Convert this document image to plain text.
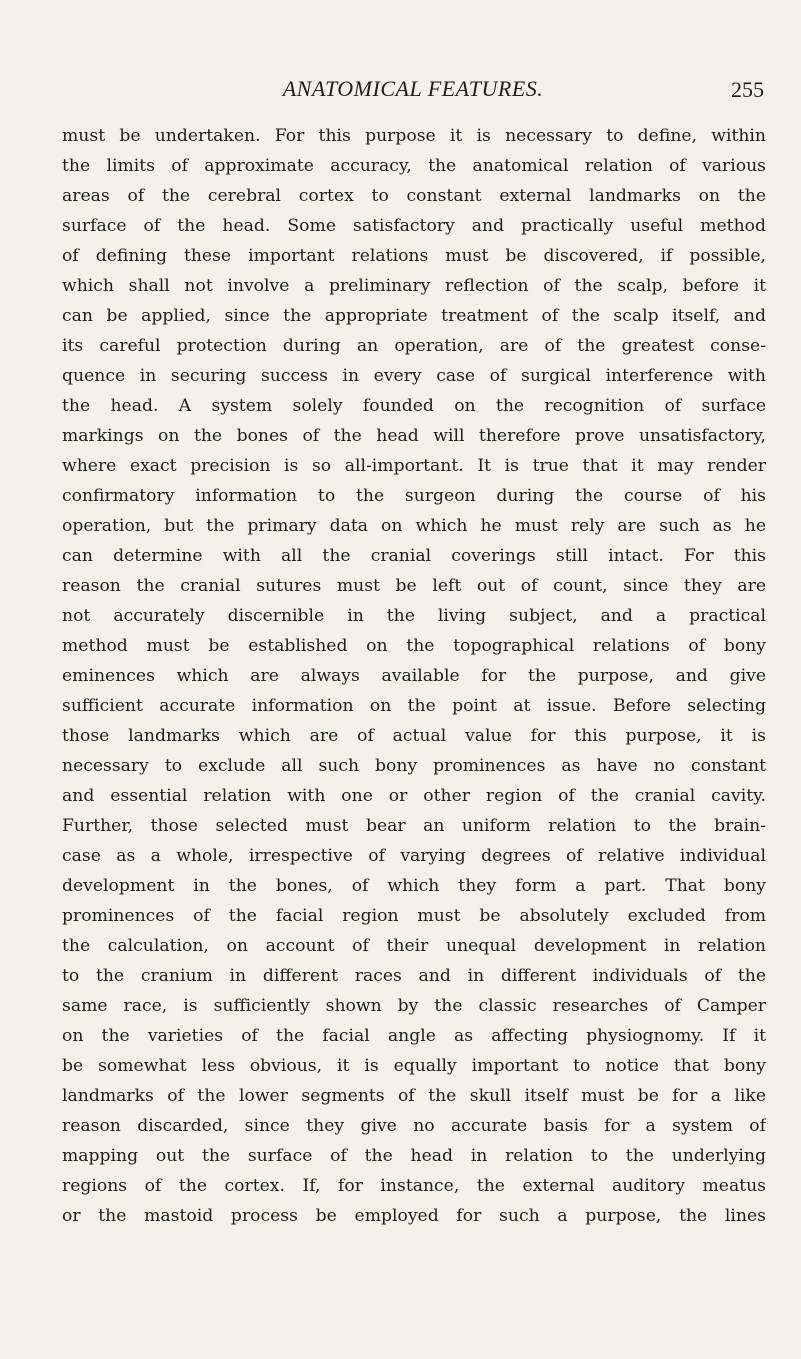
ANATOMICAL FEATURES.	255
must be undertaken. For this purpose it is necessary to define, within
the limits of approximate accuracy, the anatomical relation of various
areas of the cerebral cortex to constant external landmarks on the
surface of the head. Some satisfactory and practically useful method
of defining these important relations must be discovered, if possible,
which shall not involve a preliminary reflection of the scalp, before it
can be applied, since the appropriate treatment of the scalp itself, and
its careful protection during an operation, are of the greatest conse-
quence in securing success in every case of surgical interference with
the head. A system solely founded on the recognition of surface
markings on the bones of the head will therefore prove unsatisfactory,
where exact precision is so all-important. It is true that it may render
confirmatory information to the surgeon during the course of his
operation, but the primary data on which he must rely are such as he
can determine with all the cranial coverings still intact. For this
reason the cranial sutures must be left out of count, since they are
not accurately discernible in the living subject, and a practical
method must be established on the topographical relations of bony
eminences which are always available for the purpose, and give
sufficient accurate information on the point at issue. Before selecting
those landmarks which are of actual value for this purpose, it is
necessary to exclude all such bony prominences as have no constant
and essential relation with one or other region of the cranial cavity.
Further, those selected must bear an uniform relation to the brain-
case as a whole, irrespective of varying degrees of relative individual
development in the bones, of which they form a part. That bony
prominences of the facial region must be absolutely excluded from
the calculation, on account of their unequal development in relation
to the cranium in different races and in different individuals of the
same race, is sufficiently shown by the classic researches of Camper
on the varieties of the facial angle as affecting physiognomy. If it
be somewhat less obvious, it is equally important to notice that bony
landmarks of the lower segments of the skull itself must be for a like
reason discarded, since they give no accurate basis for a system of
mapping out the surface of the head in relation to the underlying
regions of the cortex. If, for instance, the external auditory meatus
or the mastoid process be employed for such a purpose, the lines
